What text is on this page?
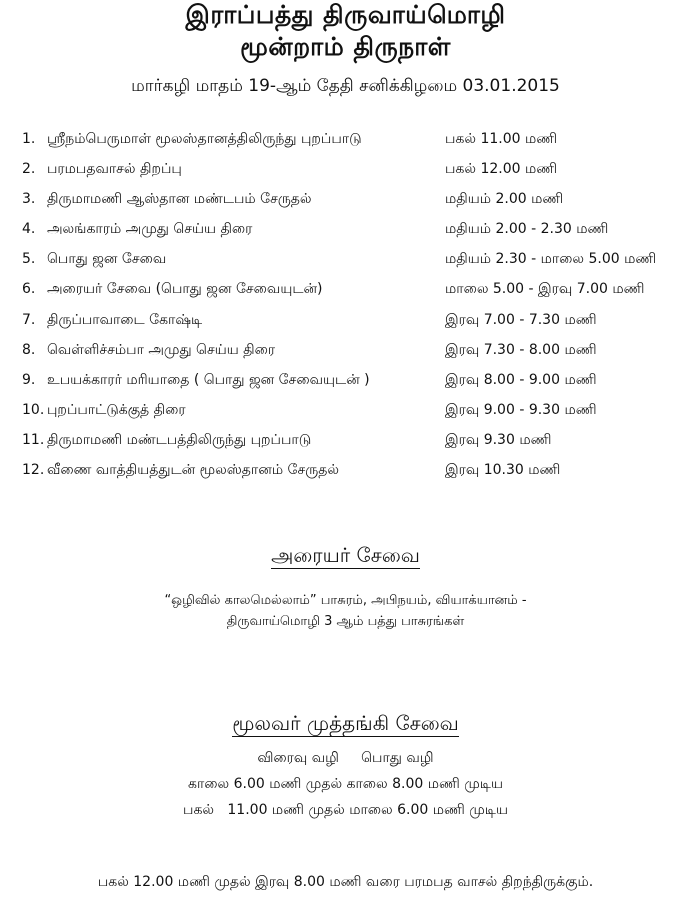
இராப்பத்து திருவாய்மொழி
மூன்றாம் திருநாள்
மார்கழி மாதம் 19-ஆம் தேதி சனிக்கிழமை 03.01.2015
1. ஸ்ரீநம்பெருமாள் மூலஸ்தானத்திலிருந்து புறப்பாடு	பகல் 11.00 மணி
2. பரமபதவாசல் திறப்பு	பகல் 12.00 மணி
3. திருமாமணி ஆஸ்தான மண்டபம் சேருதல்	மதியம் 2.00 மணி
4. அலங்காரம் அமுது செய்ய திரை	மதியம் 2.00 - 2.30 மணி
5. பொது ஜன சேவை	மதியம் 2.30 - மாலை 5.00 மணி
6. அரையர் சேவை (பொது ஜன சேவையுடன்)	மாலை 5.00 - இரவு 7.00 மணி
7. திருப்பாவாடை கோஷ்டி	இரவு 7.00 - 7.30 மணி
8. வெள்ளிச்சம்பா அமுது செய்ய திரை	இரவு 7.30 - 8.00 மணி
9. உபயக்காரர் மரியாதை ( பொது ஜன சேவையுடன் )	இரவு 8.00 - 9.00 மணி
10. புறப்பாட்டுக்குத் திரை	இரவு 9.00 - 9.30 மணி
11. திருமாமணி மண்டபத்திலிருந்து புறப்பாடு	இரவு 9.30 மணி
12. வீணை வாத்தியத்துடன் மூலஸ்தானம் சேருதல்	இரவு 10.30 மணி
அரையர் சேவை
“ஒழிவில் காலமெல்லாம்” பாசுரம், அபிநயம், வியாக்யானம் -
திருவாய்மொழி 3 ஆம் பத்து பாசுரங்கள்
மூலவர் முத்தங்கி சேவை
விரைவு வழி     பொது வழி
காலை 6.00 மணி முதல் காலை 8.00 மணி முடிய
பகல்   11.00 மணி முதல் மாலை 6.00 மணி முடிய
பகல் 12.00 மணி முதல் இரவு 8.00 மணி வரை பரமபத வாசல் திறந்திருக்கும்.
